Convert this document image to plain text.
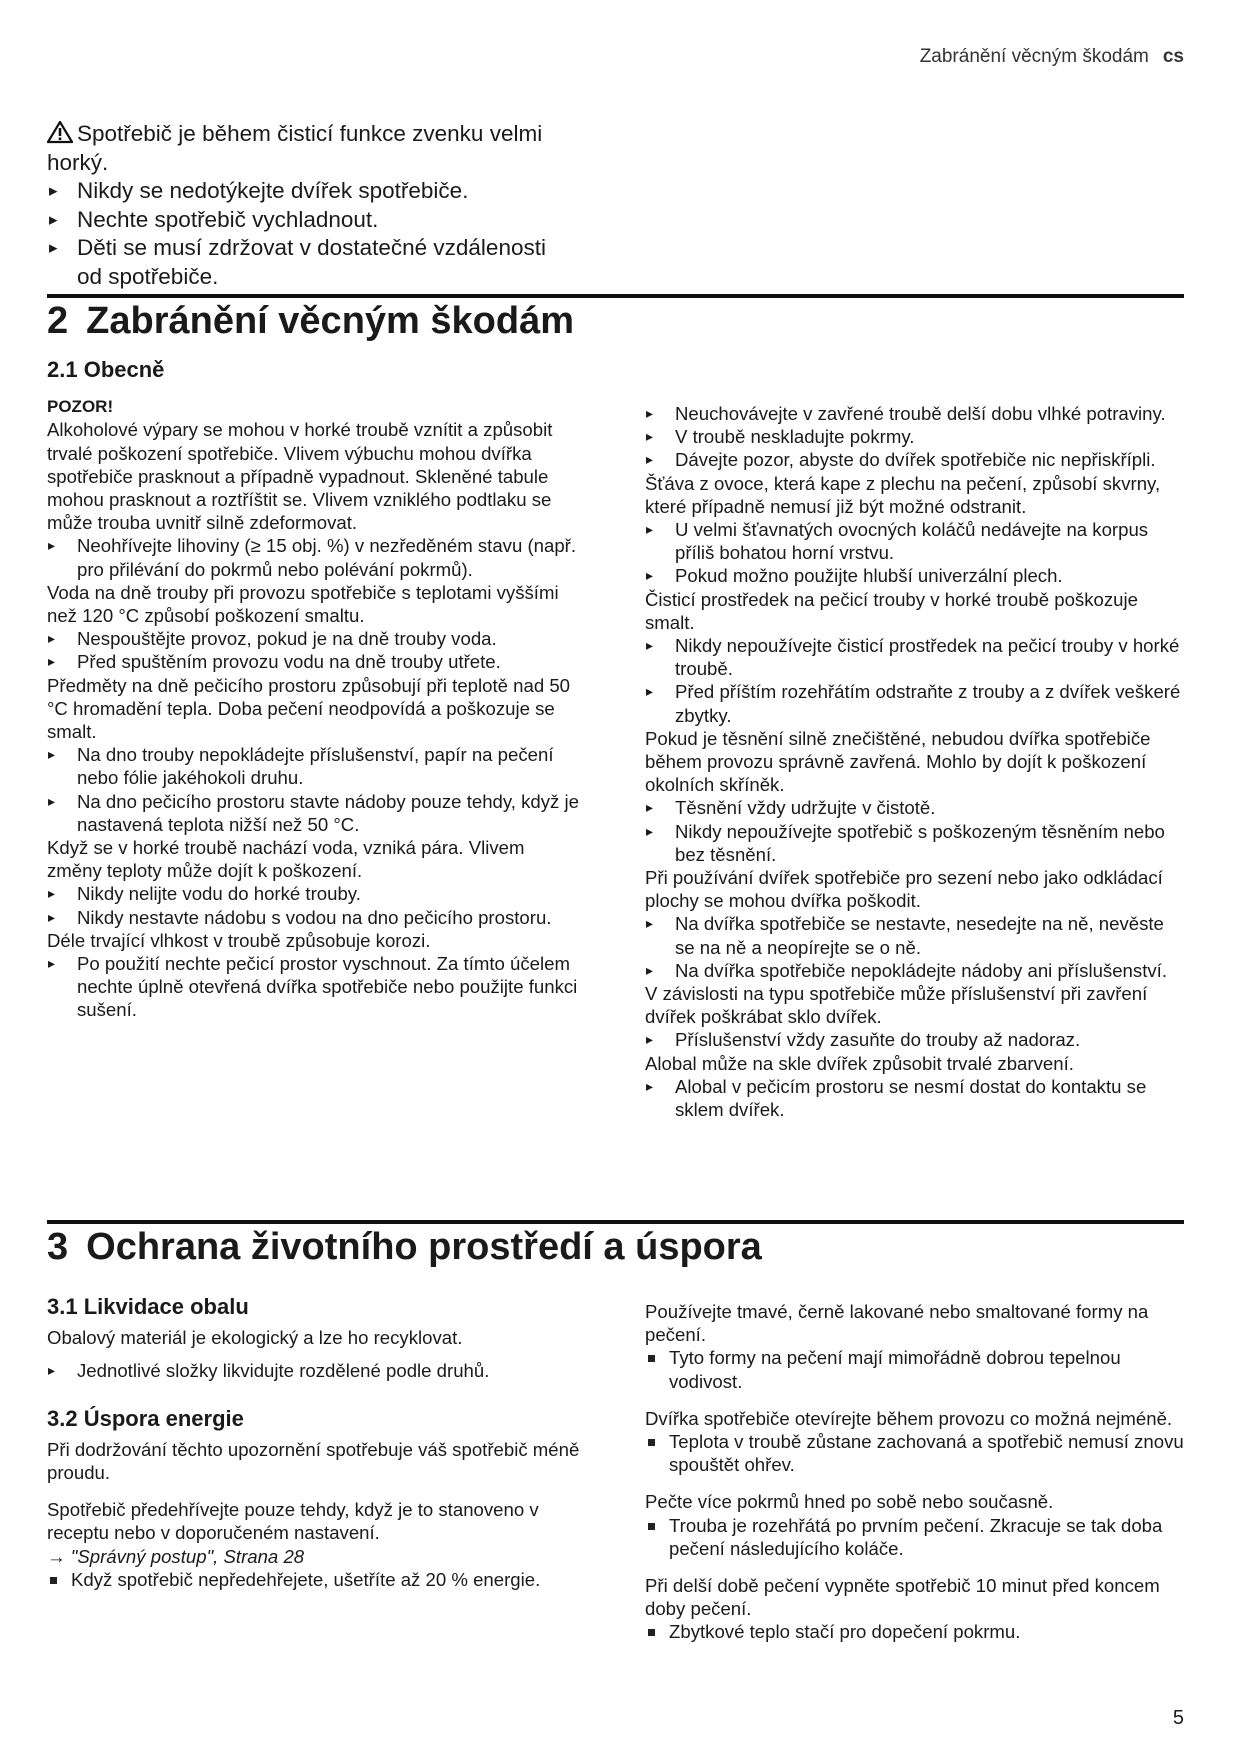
Zabránění věcným škodám cs

Spotřebič je během čisticí funkce zvenku velmi horký.

▸ Nikdy se nedotýkejte dvířek spotřebiče.
▸ Nechte spotřebič vychladnout.
▸ Děti se musí zdržovat v dostatečné vzdálenosti od spotřebiče.
2 Zabránění věcným škodám
2.1 Obecně

POZOR!

Alkoholové výpary se mohou v horké troubě vznítit a způsobit trvalé poškození spotřebiče. Vlivem výbuchu mohou dvířka spotřebiče prasknout a případně vypadnout. Skleněné tabule mohou prasknout a roztříštit se. Vlivem vzniklého podtlaku se může trouba uvnitř silně zdeformovat.

▸ Neohřívejte lihoviny (≥ 15 obj. %) v nezředěném stavu (např. pro přilévání do pokrmů nebo polévání pokrmů).

Voda na dně trouby při provozu spotřebiče s teplotami vyššími než 120 °C způsobí poškození smaltu.

▸ Nespouštějte provoz, pokud je na dně trouby voda.
▸ Před spuštěním provozu vodu na dně trouby utřete.

Předměty na dně pečicího prostoru způsobují při teplotě nad 50 °C hromadění tepla. Doba pečení neodpovídá a poškozuje se smalt.

▸ Na dno trouby nepokládejte příslušenství, papír na pečení nebo fólie jakéhokoli druhu.
▸ Na dno pečicího prostoru stavte nádoby pouze tehdy, když je nastavená teplota nižší než 50 °C.

Když se v horké troubě nachází voda, vzniká pára. Vlivem změny teploty může dojít k poškození.

▸ Nikdy nelijte vodu do horké trouby.
▸ Nikdy nestavte nádobu s vodou na dno pečicího prostoru.

Déle trvající vlhkost v troubě způsobuje korozi.

▸ Po použití nechte pečicí prostor vyschnout. Za tímto účelem nechte úplně otevřená dvířka spotřebiče nebo použijte funkci sušení.
▸ Neuchovávejte v zavřené troubě delší dobu vlhké potraviny.
▸ V troubě neskladujte pokrmy.
▸ Dávejte pozor, abyste do dvířek spotřebiče nic nepřiskřípli.

Šťáva z ovoce, která kape z plechu na pečení, způsobí skvrny, které případně nemusí již být možné odstranit.

▸ U velmi šťavnatých ovocných koláčů nedávejte na korpus příliš bohatou horní vrstvu.
▸ Pokud možno použijte hlubší univerzální plech.

Čisticí prostředek na pečicí trouby v horké troubě poškozuje smalt.

▸ Nikdy nepoužívejte čisticí prostředek na pečicí trouby v horké troubě.
▸ Před příštím rozehřátím odstraňte z trouby a z dvířek veškeré zbytky.

Pokud je těsnění silně znečištěné, nebudou dvířka spotřebiče během provozu správně zavřená. Mohlo by dojít k poškození okolních skříněk.

▸ Těsnění vždy udržujte v čistotě.
▸ Nikdy nepoužívejte spotřebič s poškozeným těsněním nebo bez těsnění.

Při používání dvířek spotřebiče pro sezení nebo jako odkládací plochy se mohou dvířka poškodit.

▸ Na dvířka spotřebiče se nestavte, nesedejte na ně, nevěste se na ně a neopírejte se o ně.
▸ Na dvířka spotřebiče nepokládejte nádoby ani příslušenství.

V závislosti na typu spotřebiče může příslušenství při zavření dvířek poškrábat sklo dvířek.

▸ Příslušenství vždy zasuňte do trouby až nadoraz.

Alobal může na skle dvířek způsobit trvalé zbarvení.

▸ Alobal v pečicím prostoru se nesmí dostat do kontaktu se sklem dvířek.
3 Ochrana životního prostředí a úspora
3.1 Likvidace obalu

Obalový materiál je ekologický a lze ho recyklovat.

▸ Jednotlivé složky likvidujte rozdělené podle druhů.
3.2 Úspora energie

Při dodržování těchto upozornění spotřebuje váš spotřebič méně proudu.

Spotřebič předehřívejte pouze tehdy, když je to stanoveno v receptu nebo v doporučeném nastavení.

→ "Správný postup", Strana 28

Když spotřebič nepředehřejete, ušetříte až 20 % energie.

Používejte tmavé, černě lakované nebo smaltované formy na pečení.

Tyto formy na pečení mají mimořádně dobrou tepelnou vodivost.

Dvířka spotřebiče otevírejte během provozu co možná nejméně.

Teplota v troubě zůstane zachovaná a spotřebič nemusí znovu spouštět ohřev.

Pečte více pokrmů hned po sobě nebo současně.

Trouba je rozehřátá po prvním pečení. Zkracuje se tak doba pečení následujícího koláče.

Při delší době pečení vypněte spotřebič 10 minut před koncem doby pečení.

Zbytkové teplo stačí pro dopečení pokrmu.
5
